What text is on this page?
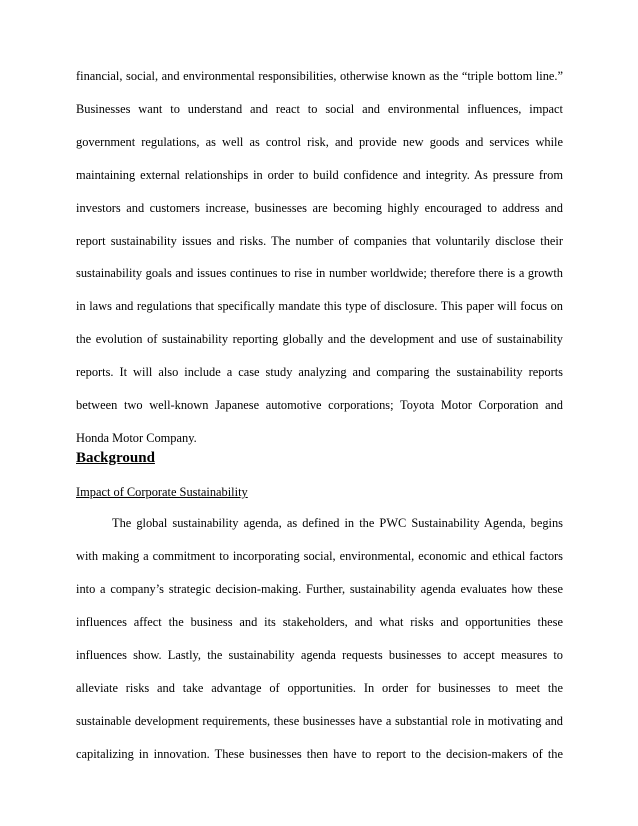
financial, social, and environmental responsibilities, otherwise known as the “triple bottom line.”
Businesses want to understand and react to social and environmental influences, impact
government regulations, as well as control risk, and provide new goods and services while
maintaining external relationships in order to build confidence and integrity. As pressure from
investors and customers increase, businesses are becoming highly encouraged to address and
report sustainability issues and risks. The number of companies that voluntarily disclose their
sustainability goals and issues continues to rise in number worldwide; therefore there is a growth
in laws and regulations that specifically mandate this type of disclosure. This paper will focus on
the evolution of sustainability reporting globally and the development and use of sustainability
reports. It will also include a case study analyzing and comparing the sustainability reports
between two well-known Japanese automotive corporations; Toyota Motor Corporation and
Honda Motor Company.
Background
Impact of Corporate Sustainability
The global sustainability agenda, as defined in the PWC Sustainability Agenda, begins
with making a commitment to incorporating social, environmental, economic and ethical factors
into a company’s strategic decision-making. Further, sustainability agenda evaluates how these
influences affect the business and its stakeholders, and what risks and opportunities these
influences show. Lastly, the sustainability agenda requests businesses to accept measures to
alleviate risks and take advantage of opportunities. In order for businesses to meet the
sustainable development requirements, these businesses have a substantial role in motivating and
capitalizing in innovation. These businesses then have to report to the decision-makers of the
